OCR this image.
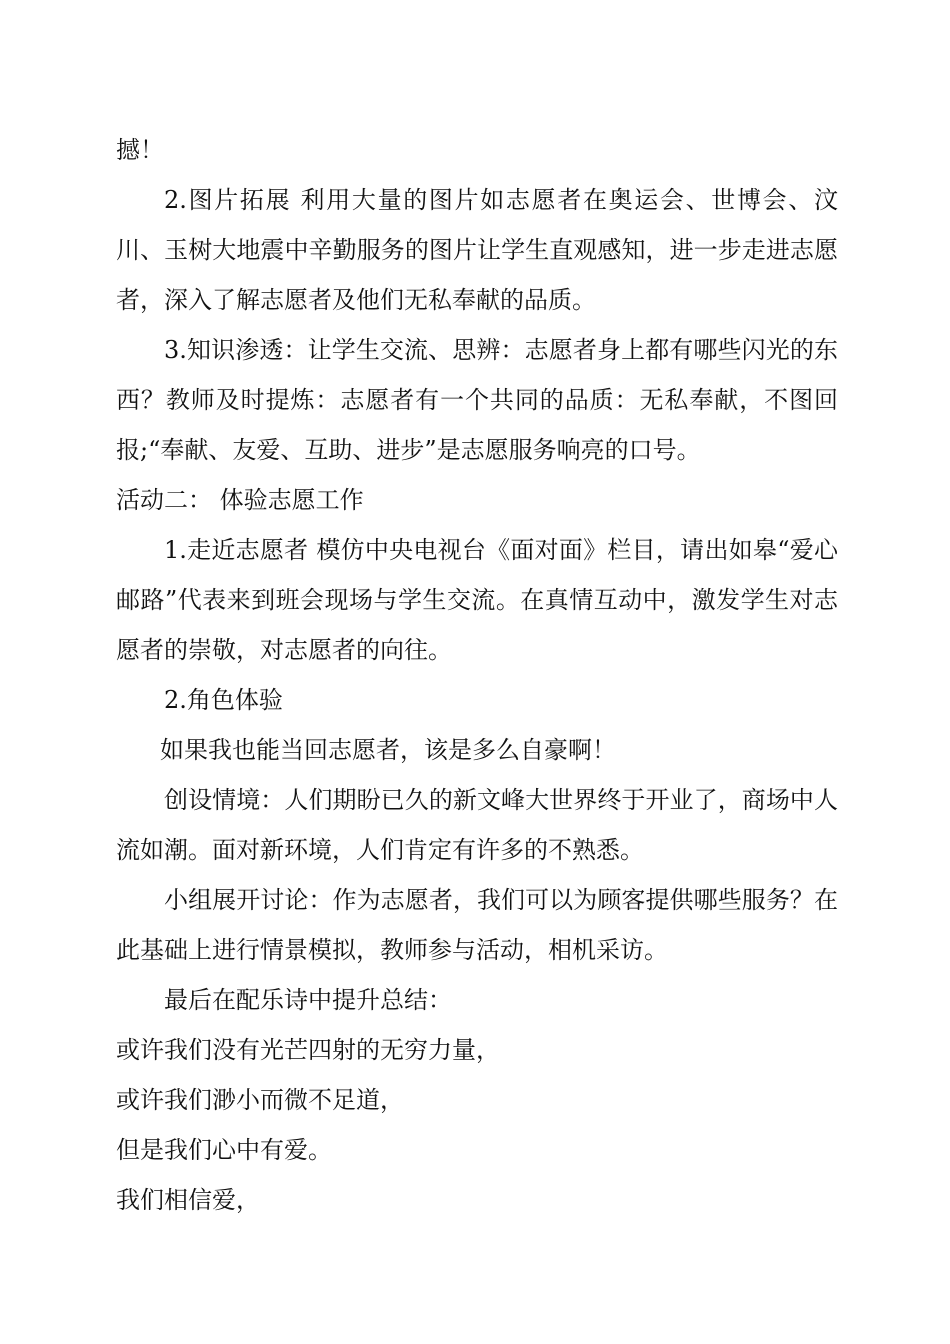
撼！

2.图片拓展 利用大量的图片如志愿者在奥运会、世博会、汶川、玉树大地震中辛勤服务的图片让学生直观感知，进一步走进志愿者，深入了解志愿者及他们无私奉献的品质。

3.知识渗透：让学生交流、思辨：志愿者身上都有哪些闪光的东西？教师及时提炼：志愿者有一个共同的品质：无私奉献，不图回报;“奉献、友爱、互助、进步”是志愿服务响亮的口号。

活动二： 体验志愿工作

1.走近志愿者 模仿中央电视台《面对面》栏目，请出如皋“爱心邮路”代表来到班会现场与学生交流。在真情互动中，激发学生对志愿者的崇敬，对志愿者的向往。

2.角色体验

如果我也能当回志愿者，该是多么自豪啊！

创设情境：人们期盼已久的新文峰大世界终于开业了，商场中人流如潮。面对新环境，人们肯定有许多的不熟悉。

小组展开讨论：作为志愿者，我们可以为顾客提供哪些服务？在此基础上进行情景模拟，教师参与活动，相机采访。

最后在配乐诗中提升总结：

或许我们没有光芒四射的无穷力量，

或许我们渺小而微不足道，

但是我们心中有爱。

我们相信爱，
